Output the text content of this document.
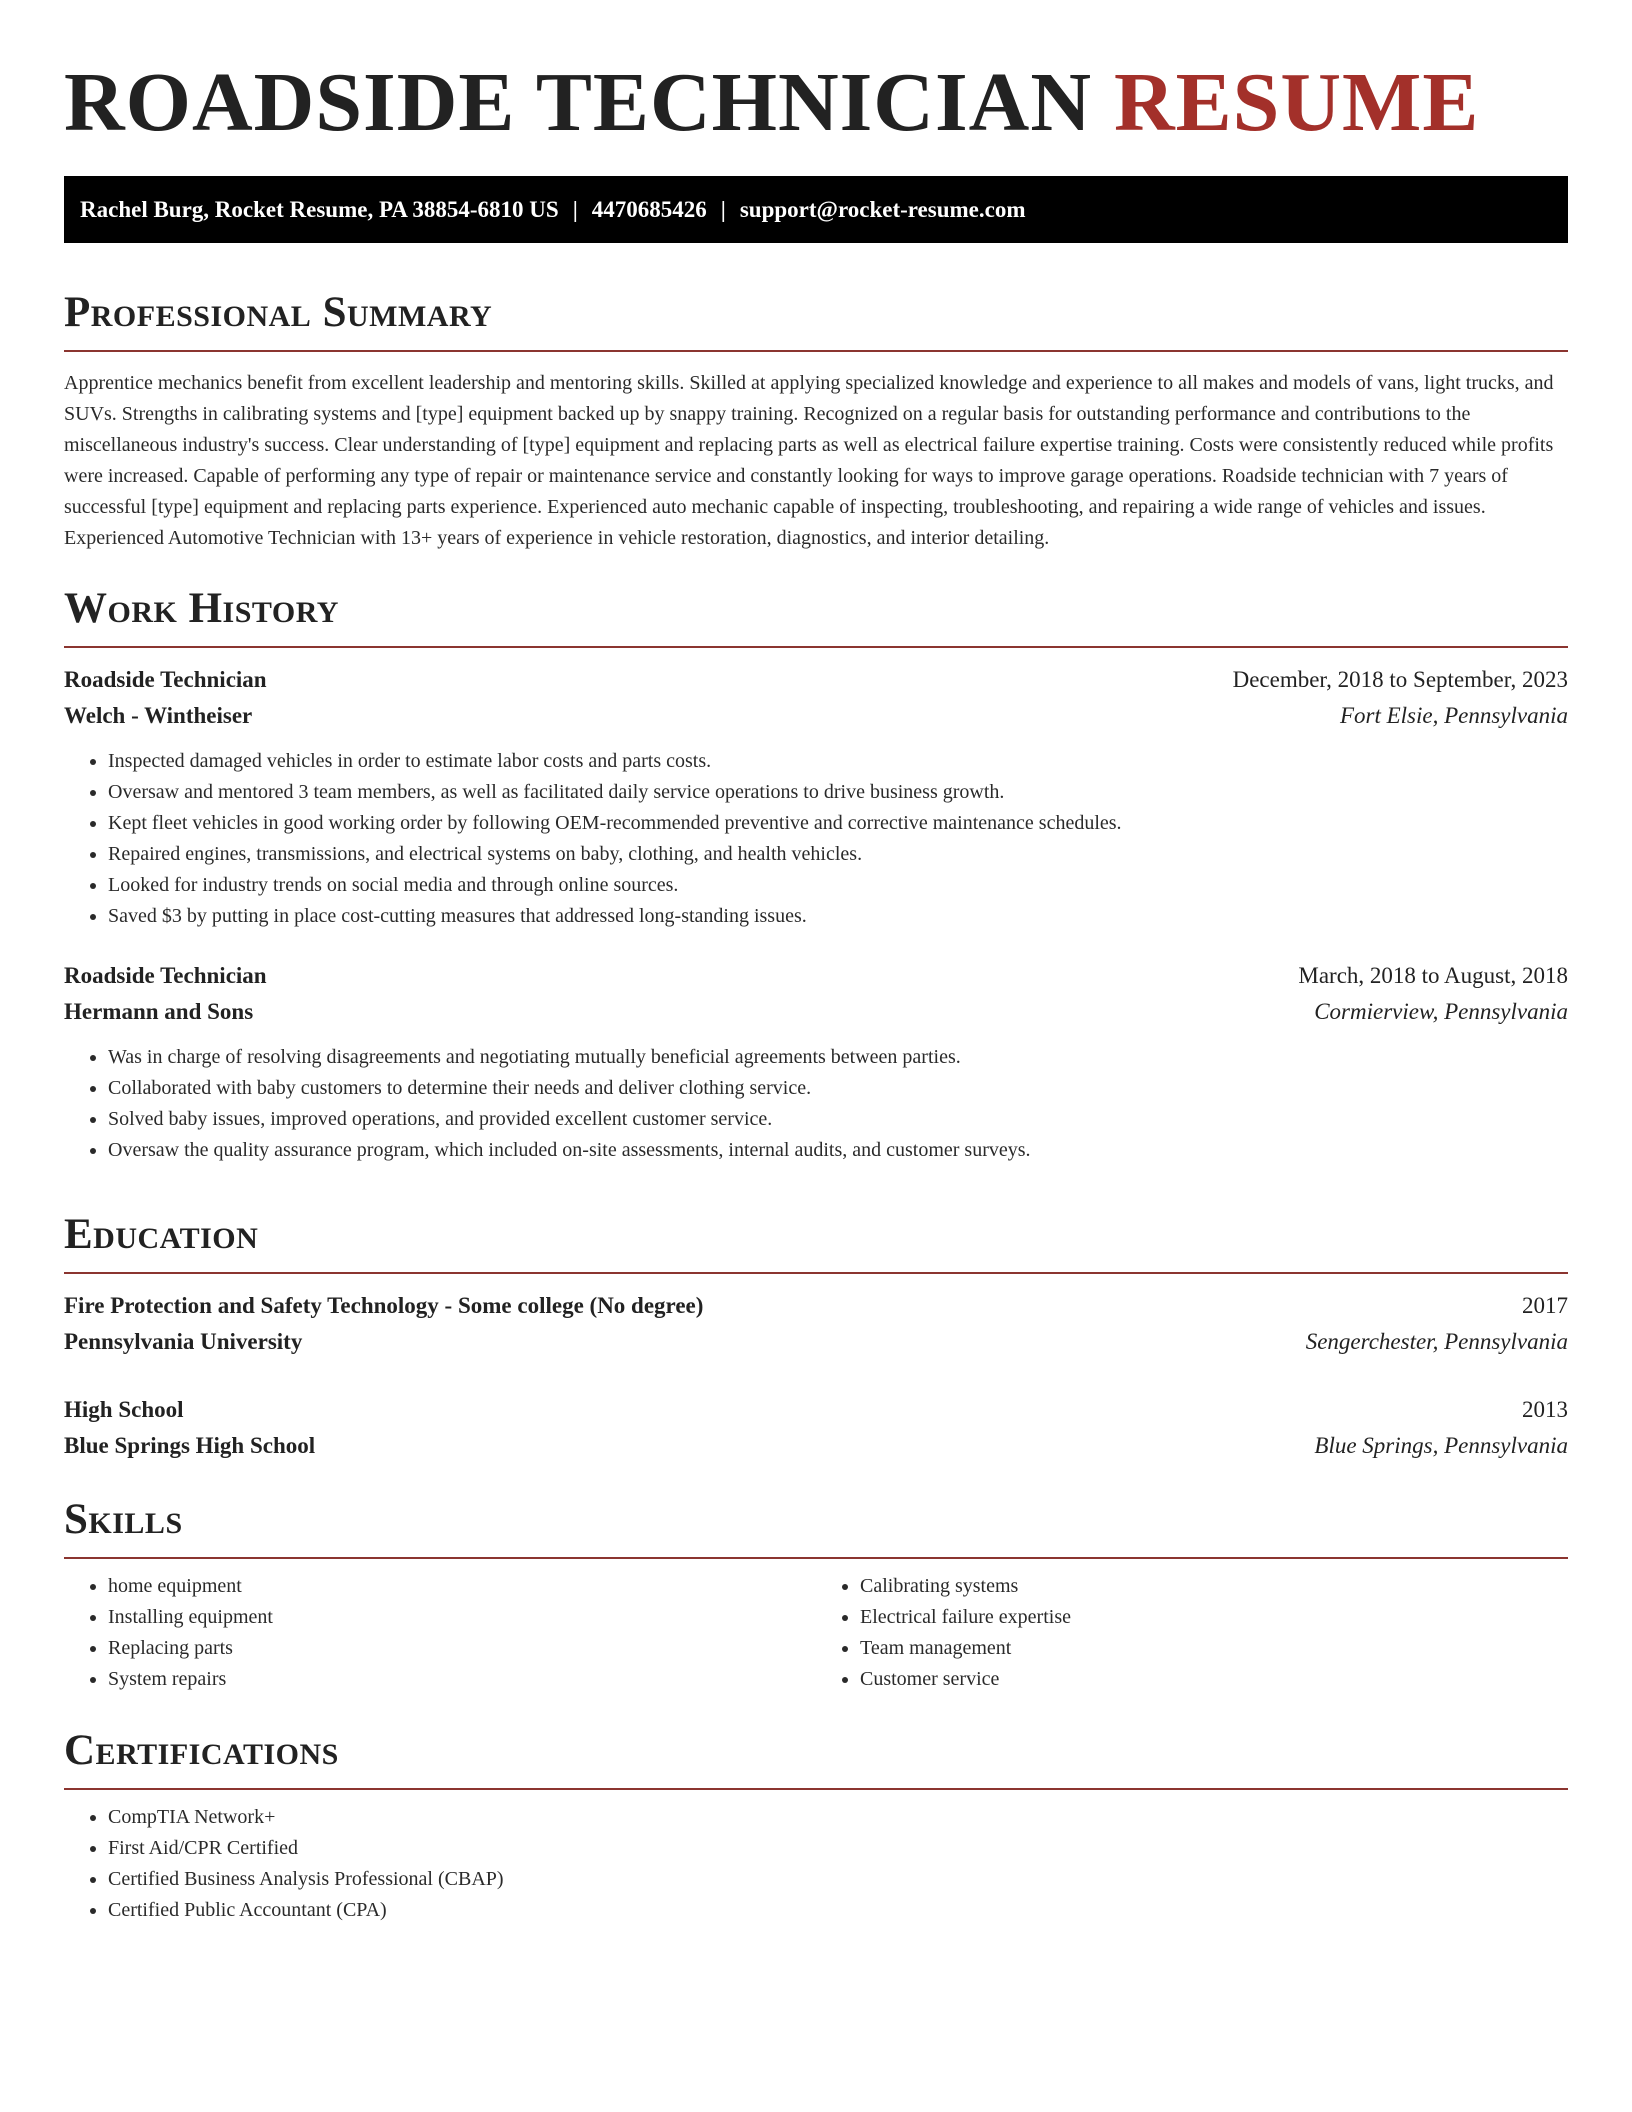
ROADSIDE TECHNICIAN RESUME
Rachel Burg, Rocket Resume, PA 38854-6810 US | 4470685426 | support@rocket-resume.com
Professional Summary

Apprentice mechanics benefit from excellent leadership and mentoring skills. Skilled at applying specialized knowledge and experience to all makes and models of vans, light trucks, and SUVs. Strengths in calibrating systems and [type] equipment backed up by snappy training. Recognized on a regular basis for outstanding performance and contributions to the miscellaneous industry's success. Clear understanding of [type] equipment and replacing parts as well as electrical failure expertise training. Costs were consistently reduced while profits were increased. Capable of performing any type of repair or maintenance service and constantly looking for ways to improve garage operations. Roadside technician with 7 years of successful [type] equipment and replacing parts experience. Experienced auto mechanic capable of inspecting, troubleshooting, and repairing a wide range of vehicles and issues. Experienced Automotive Technician with 13+ years of experience in vehicle restoration, diagnostics, and interior detailing.

Work History
Roadside Technician	December, 2018 to September, 2023
Welch - Wintheiser	Fort Elsie, Pennsylvania
• Inspected damaged vehicles in order to estimate labor costs and parts costs.
• Oversaw and mentored 3 team members, as well as facilitated daily service operations to drive business growth.
• Kept fleet vehicles in good working order by following OEM-recommended preventive and corrective maintenance schedules.
• Repaired engines, transmissions, and electrical systems on baby, clothing, and health vehicles.
• Looked for industry trends on social media and through online sources.
• Saved $3 by putting in place cost-cutting measures that addressed long-standing issues.
Roadside Technician	March, 2018 to August, 2018
Hermann and Sons	Cormierview, Pennsylvania
• Was in charge of resolving disagreements and negotiating mutually beneficial agreements between parties.
• Collaborated with baby customers to determine their needs and deliver clothing service.
• Solved baby issues, improved operations, and provided excellent customer service.
• Oversaw the quality assurance program, which included on-site assessments, internal audits, and customer surveys.
Education
Fire Protection and Safety Technology - Some college (No degree)	2017
Pennsylvania University	Sengerchester, Pennsylvania
High School	2013
Blue Springs High School	Blue Springs, Pennsylvania
Skills
• home equipment
• Installing equipment
• Replacing parts
• System repairs
• Calibrating systems
• Electrical failure expertise
• Team management
• Customer service
Certifications
• CompTIA Network+
• First Aid/CPR Certified
• Certified Business Analysis Professional (CBAP)
• Certified Public Accountant (CPA)
